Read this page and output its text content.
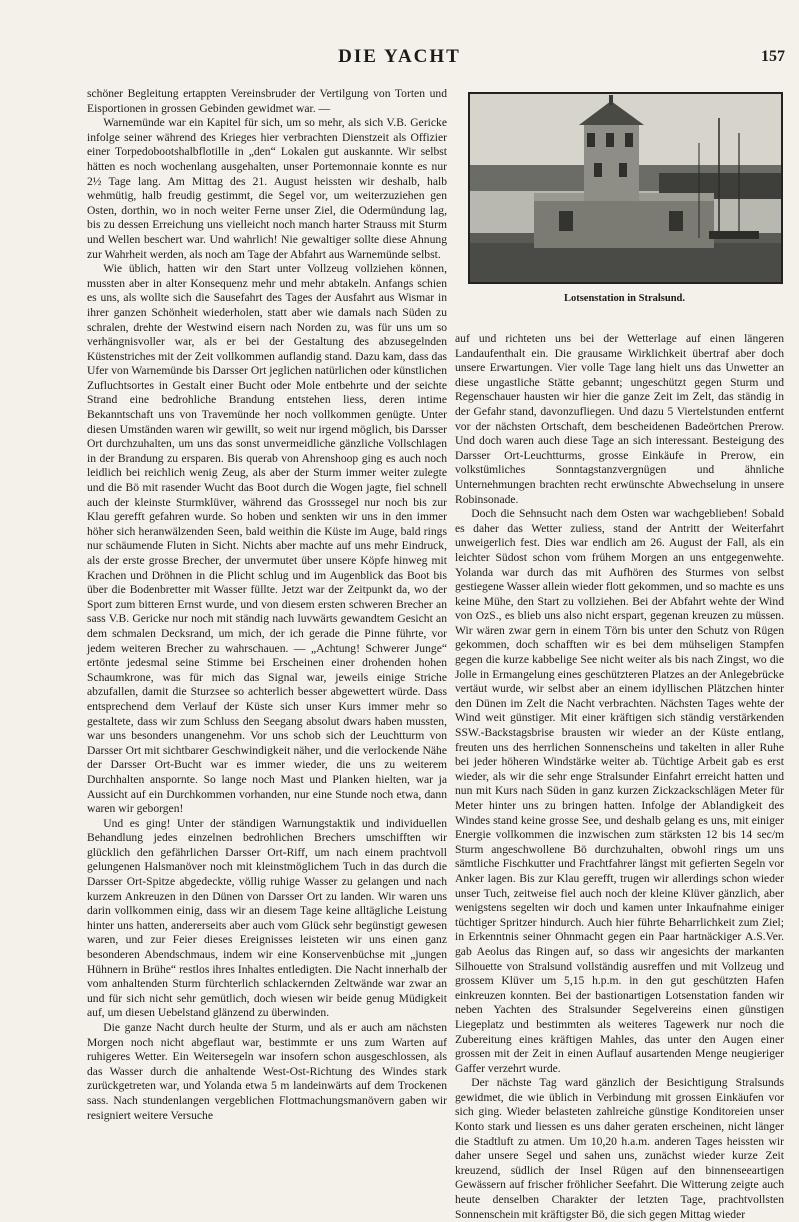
DIE YACHT	157

schöner Begleitung ertappten Vereinsbruder der Vertilgung von Torten und Eisportionen in grossen Gebinden gewidmet war. —

Warnemünde war ein Kapitel für sich, um so mehr, als sich V.B. Gericke infolge seiner während des Krieges hier verbrachten Dienstzeit als Offizier einer Torpedobootshalbflotille in „den“ Lokalen gut auskannte. Wir selbst hätten es noch wochenlang ausgehalten, unser Portemonnaie konnte es nur 2½ Tage lang. Am Mittag des 21. August heissten wir deshalb, halb wehmütig, halb freudig gestimmt, die Segel vor, um weiterzuziehen gen Osten, dorthin, wo in noch weiter Ferne unser Ziel, die Odermündung lag, bis zu dessen Erreichung uns vielleicht noch manch harter Strauss mit Sturm und Wellen beschert war. Und wahrlich! Nie gewaltiger sollte diese Ahnung zur Wahrheit werden, als noch am Tage der Abfahrt aus Warnemünde selbst.

Wie üblich, hatten wir den Start unter Vollzeug vollziehen können, mussten aber in alter Konsequenz mehr und mehr abtakeln. Anfangs schien es uns, als wollte sich die Sausefahrt des Tages der Ausfahrt aus Wismar in ihrer ganzen Schönheit wiederholen, statt aber wie damals nach Süden zu schralen, drehte der Westwind eisern nach Norden zu, was für uns um so verhängnisvoller war, als er bei der Gestaltung des abzusegelnden Küstenstriches mit der Zeit vollkommen auflandig stand. Dazu kam, dass das Ufer von Warnemünde bis Darsser Ort jeglichen natürlichen oder künstlichen Zufluchtsortes in Gestalt einer Bucht oder Mole entbehrte und der seichte Strand eine bedrohliche Brandung entstehen liess, deren intime Bekanntschaft uns von Travemünde her noch vollkommen genügte. Unter diesen Umständen waren wir gewillt, so weit nur irgend möglich, bis Darsser Ort durchzuhalten, um uns das sonst unvermeidliche gänzliche Vollschlagen in der Brandung zu ersparen. Bis querab von Ahrenshoop ging es auch noch leidlich bei reichlich wenig Zeug, als aber der Sturm immer weiter zulegte und die Bö mit rasender Wucht das Boot durch die Wogen jagte, fiel schnell auch der kleinste Sturmklüver, während das Grosssegel nur noch bis zur Klau gerefft gefahren wurde. So hoben und senkten wir uns in den immer höher sich heranwälzenden Seen, bald weithin die Küste im Auge, bald rings nur schäumende Fluten in Sicht. Nichts aber machte auf uns mehr Eindruck, als der erste grosse Brecher, der unvermutet über unsere Köpfe hinweg mit Krachen und Dröhnen in die Plicht schlug und im Augenblick das Boot bis über die Bodenbretter mit Wasser füllte. Jetzt war der Zeitpunkt da, wo der Sport zum bitteren Ernst wurde, und von diesem ersten schweren Brecher an sass V.B. Gericke nur noch mit ständig nach luvwärts gewandtem Gesicht an dem schmalen Decksrand, um mich, der ich gerade die Pinne führte, vor jedem weiteren Brecher zu wahrschauen. — „Achtung! Schwerer Junge“ ertönte jedesmal seine Stimme bei Erscheinen einer drohenden hohen Schaumkrone, was für mich das Signal war, jeweils einige Striche abzufallen, damit die Sturzsee so achterlich besser abgewettert würde. Dass entsprechend dem Verlauf der Küste sich unser Kurs immer mehr so gestaltete, dass wir zum Schluss den Seegang absolut dwars haben mussten, war uns besonders unangenehm. Vor uns schob sich der Leuchtturm von Darsser Ort mit sichtbarer Geschwindigkeit näher, und die verlockende Nähe der Darsser Ort-Bucht war es immer wieder, die uns zu weiterem Durchhalten anspornte. So lange noch Mast und Planken hielten, war ja Aussicht auf ein Durchkommen vorhanden, nur eine Stunde noch etwa, dann waren wir geborgen!

Und es ging! Unter der ständigen Warnungstaktik und individuellen Behandlung jedes einzelnen bedrohlichen Brechers umschifften wir glücklich den gefährlichen Darsser Ort-Riff, um nach einem prachtvoll gelungenen Halsmanöver noch mit kleinstmöglichem Tuch in das durch die Darsser Ort-Spitze abgedeckte, völlig ruhige Wasser zu gelangen und nach kurzem Ankreuzen in den Dünen von Darsser Ort zu landen. Wir waren uns darin vollkommen einig, dass wir an diesem Tage keine alltägliche Leistung hinter uns hatten, andererseits aber auch vom Glück sehr begünstigt gewesen waren, und zur Feier dieses Ereignisses leisteten wir uns einen ganz besonderen Abendschmaus, indem wir eine Konservenbüchse mit „jungen Hühnern in Brühe“ restlos ihres Inhaltes entledigten. Die Nacht innerhalb der vom anhaltenden Sturm fürchterlich schlackernden Zeltwände war zwar an und für sich nicht sehr gemütlich, doch wiesen wir beide genug Müdigkeit auf, um diesen Uebelstand glänzend zu überwinden.

Die ganze Nacht durch heulte der Sturm, und als er auch am nächsten Morgen noch nicht abgeflaut war, bestimmte er uns zum Warten auf ruhigeres Wetter. Ein Weitersegeln war insofern schon ausgeschlossen, als das Wasser durch die anhaltende West-Ost-Richtung des Windes stark zurückgetreten war, und Yolanda etwa 5 m landeinwärts auf dem Trockenen sass. Nach stundenlangen vergeblichen Flottmachungsmanövern gaben wir resigniert weitere Versuche

Lotsenstation in Stralsund.

auf und richteten uns bei der Wetterlage auf einen längeren Landaufenthalt ein. Die grausame Wirklichkeit übertraf aber doch unsere Erwartungen. Vier volle Tage lang hielt uns das Unwetter an diese ungastliche Stätte gebannt; ungeschützt gegen Sturm und Regenschauer hausten wir hier die ganze Zeit im Zelt, das ständig in der Gefahr stand, davonzufliegen. Und dazu 5 Viertelstunden entfernt vor der nächsten Ortschaft, dem bescheidenen Badeörtchen Prerow. Und doch waren auch diese Tage an sich interessant. Besteigung des Darsser Ort-Leuchtturms, grosse Einkäufe in Prerow, ein volkstümliches Sonntagstanzvergnügen und ähnliche Unternehmungen brachten recht erwünschte Abwechselung in unsere Robinsonade.

Doch die Sehnsucht nach dem Osten war wachgeblieben! Sobald es daher das Wetter zuliess, stand der Antritt der Weiterfahrt unweigerlich fest. Dies war endlich am 26. August der Fall, als ein leichter Südost schon vom frühem Morgen an uns entgegenwehte. Yolanda war durch das mit Aufhören des Sturmes von selbst gestiegene Wasser allein wieder flott gekommen, und so machte es uns keine Mühe, den Start zu vollziehen. Bei der Abfahrt wehte der Wind von OzS., es blieb uns also nicht erspart, gegenan kreuzen zu müssen. Wir wären zwar gern in einem Törn bis unter den Schutz von Rügen gekommen, doch schafften wir es bei dem mühseligen Stampfen gegen die kurze kabbelige See nicht weiter als bis nach Zingst, wo die Jolle in Ermangelung eines geschützteren Platzes an der Anlegebrücke vertäut wurde, wir selbst aber an einem idyllischen Plätzchen hinter den Dünen im Zelt die Nacht verbrachten. Nächsten Tages wehte der Wind weit günstiger. Mit einer kräftigen sich ständig verstärkenden SSW.-Backstagsbrise brausten wir wieder an der Küste entlang, freuten uns des herrlichen Sonnenscheins und takelten in aller Ruhe bei jeder höheren Windstärke weiter ab. Tüchtige Arbeit gab es erst wieder, als wir die sehr enge Stralsunder Einfahrt erreicht hatten und nun mit Kurs nach Süden in ganz kurzen Zickzackschlägen Meter für Meter hinter uns zu bringen hatten. Infolge der Ablandigkeit des Windes stand keine grosse See, und deshalb gelang es uns, mit einiger Energie vollkommen die inzwischen zum stärksten 12 bis 14 sec/m Sturm angeschwollene Bö durchzuhalten, obwohl rings um uns sämtliche Fischkutter und Frachtfahrer längst mit gefierten Segeln vor Anker lagen. Bis zur Klau gerefft, trugen wir allerdings schon wieder unser Tuch, zeitweise fiel auch noch der kleine Klüver gänzlich, aber wenigstens segelten wir doch und kamen unter Inkaufnahme einiger tüchtiger Spritzer hindurch. Auch hier führte Beharrlichkeit zum Ziel; in Erkenntnis seiner Ohnmacht gegen ein Paar hartnäckiger A.S.Ver. gab Aeolus das Ringen auf, so dass wir angesichts der markanten Silhouette von Stralsund vollständig ausreffen und mit Vollzeug und grossem Klüver um 5,15 h.p.m. in den gut geschützten Hafen einkreuzen konnten. Bei der bastionartigen Lotsenstation fanden wir neben Yachten des Stralsunder Segelvereins einen günstigen Liegeplatz und bestimmten als weiteres Tagewerk nur noch die Zubereitung eines kräftigen Mahles, das unter den Augen einer grossen mit der Zeit in einen Auflauf ausartenden Menge neugieriger Gaffer verzehrt wurde.

Der nächste Tag ward gänzlich der Besichtigung Stralsunds gewidmet, die wie üblich in Verbindung mit grossen Einkäufen vor sich ging. Wieder belasteten zahlreiche günstige Konditoreien unser Konto stark und liessen es uns daher geraten erscheinen, nicht länger die Stadtluft zu atmen. Um 10,20 h.a.m. anderen Tages heissten wir daher unsere Segel und sahen uns, zunächst wieder kurze Zeit kreuzend, südlich der Insel Rügen auf den binnenseeartigen Gewässern auf frischer fröhlicher Seefahrt. Die Witterung zeigte auch heute denselben Charakter der letzten Tage, prachtvollsten Sonnenschein mit kräftigster Bö, die sich gegen Mittag wieder
